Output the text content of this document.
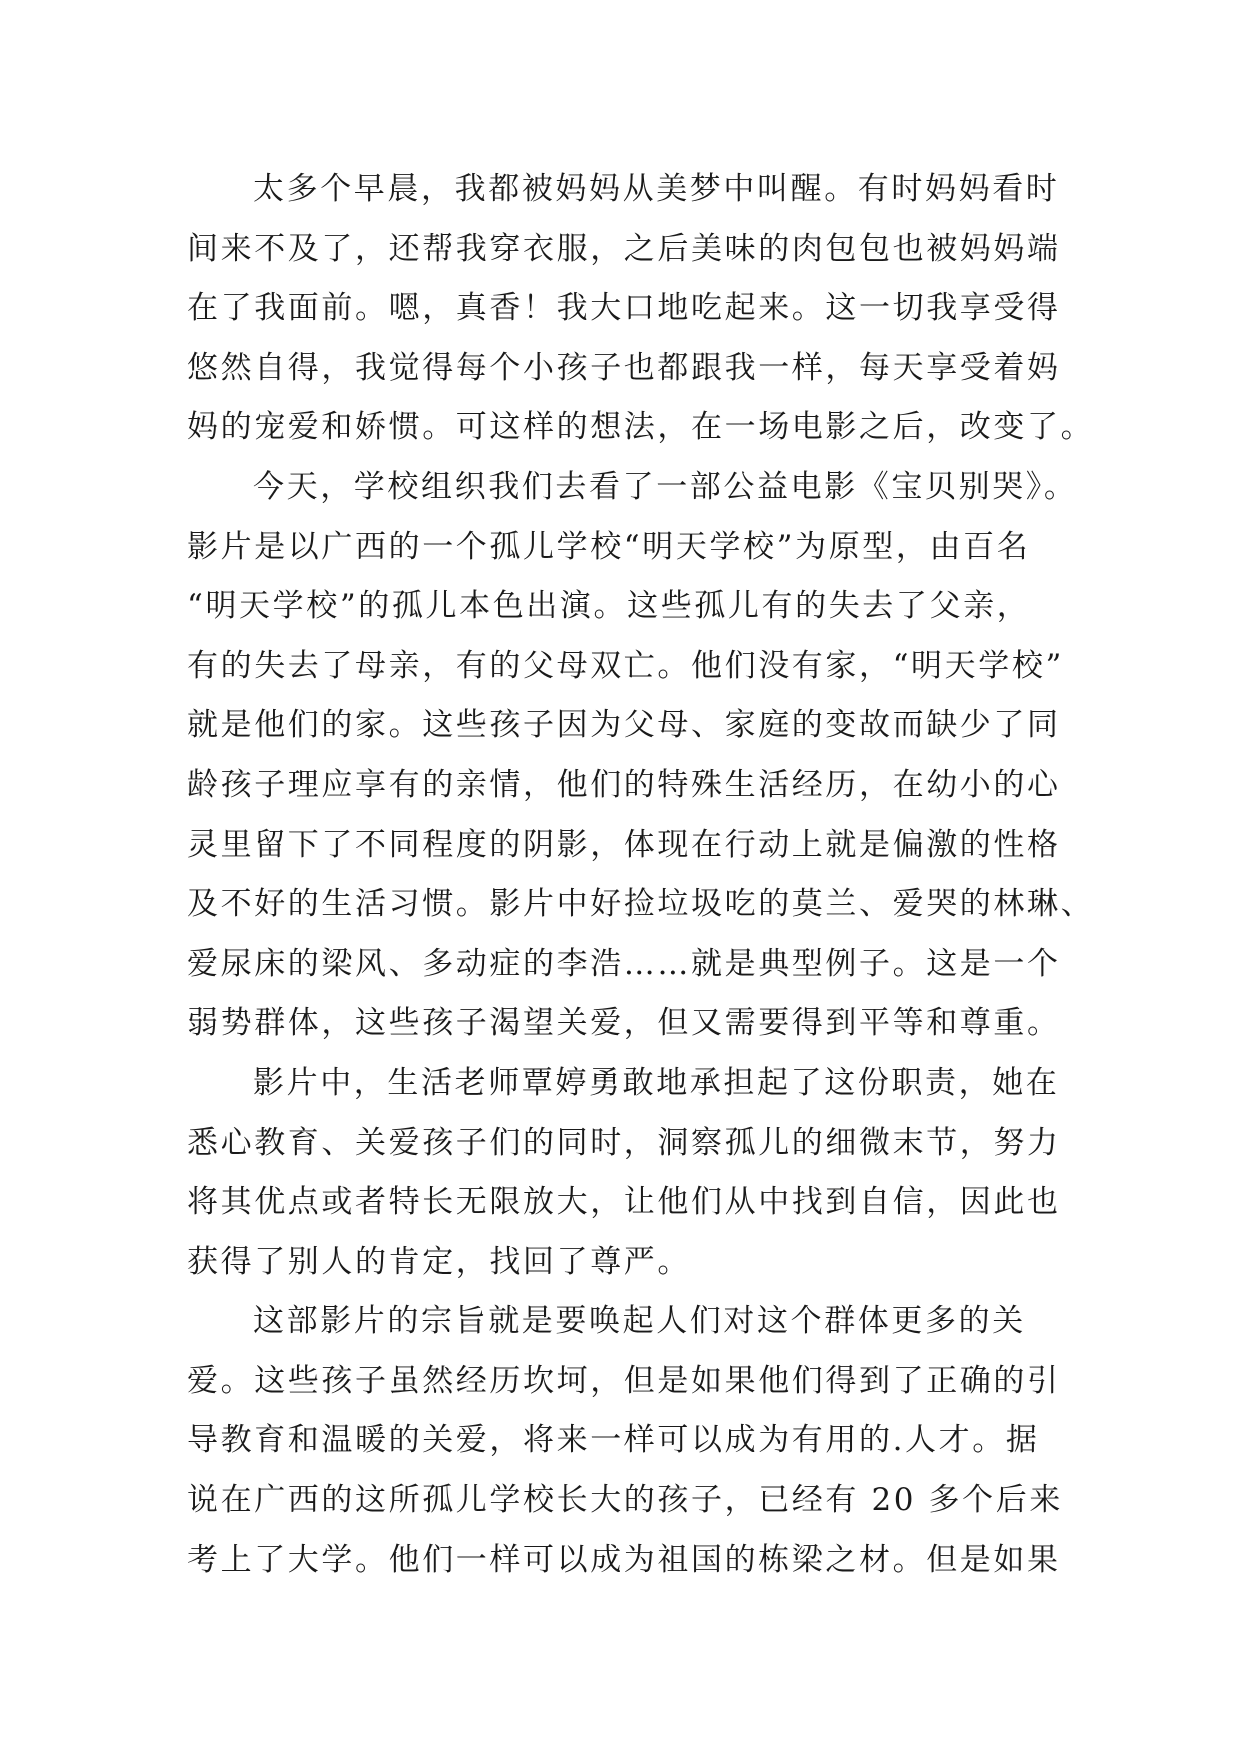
太多个早晨，我都被妈妈从美梦中叫醒。有时妈妈看时
间来不及了，还帮我穿衣服，之后美味的肉包包也被妈妈端
在了我面前。嗯，真香！我大口地吃起来。这一切我享受得
悠然自得，我觉得每个小孩子也都跟我一样，每天享受着妈
妈的宠爱和娇惯。可这样的想法，在一场电影之后，改变了。
今天，学校组织我们去看了一部公益电影《宝贝别哭》。
影片是以广西的一个孤儿学校“明天学校”为原型，由百名
“明天学校”的孤儿本色出演。这些孤儿有的失去了父亲，
有的失去了母亲，有的父母双亡。他们没有家，“明天学校”
就是他们的家。这些孩子因为父母、家庭的变故而缺少了同
龄孩子理应享有的亲情，他们的特殊生活经历，在幼小的心
灵里留下了不同程度的阴影，体现在行动上就是偏激的性格
及不好的生活习惯。影片中好捡垃圾吃的莫兰、爱哭的林琳、
爱尿床的梁风、多动症的李浩……就是典型例子。这是一个
弱势群体，这些孩子渴望关爱，但又需要得到平等和尊重。
影片中，生活老师覃婷勇敢地承担起了这份职责，她在
悉心教育、关爱孩子们的同时，洞察孤儿的细微末节，努力
将其优点或者特长无限放大，让他们从中找到自信，因此也
获得了别人的肯定，找回了尊严。
这部影片的宗旨就是要唤起人们对这个群体更多的关
爱。这些孩子虽然经历坎坷，但是如果他们得到了正确的引
导教育和温暖的关爱，将来一样可以成为有用的.人才。据
说在广西的这所孤儿学校长大的孩子，已经有 20 多个后来
考上了大学。他们一样可以成为祖国的栋梁之材。但是如果
